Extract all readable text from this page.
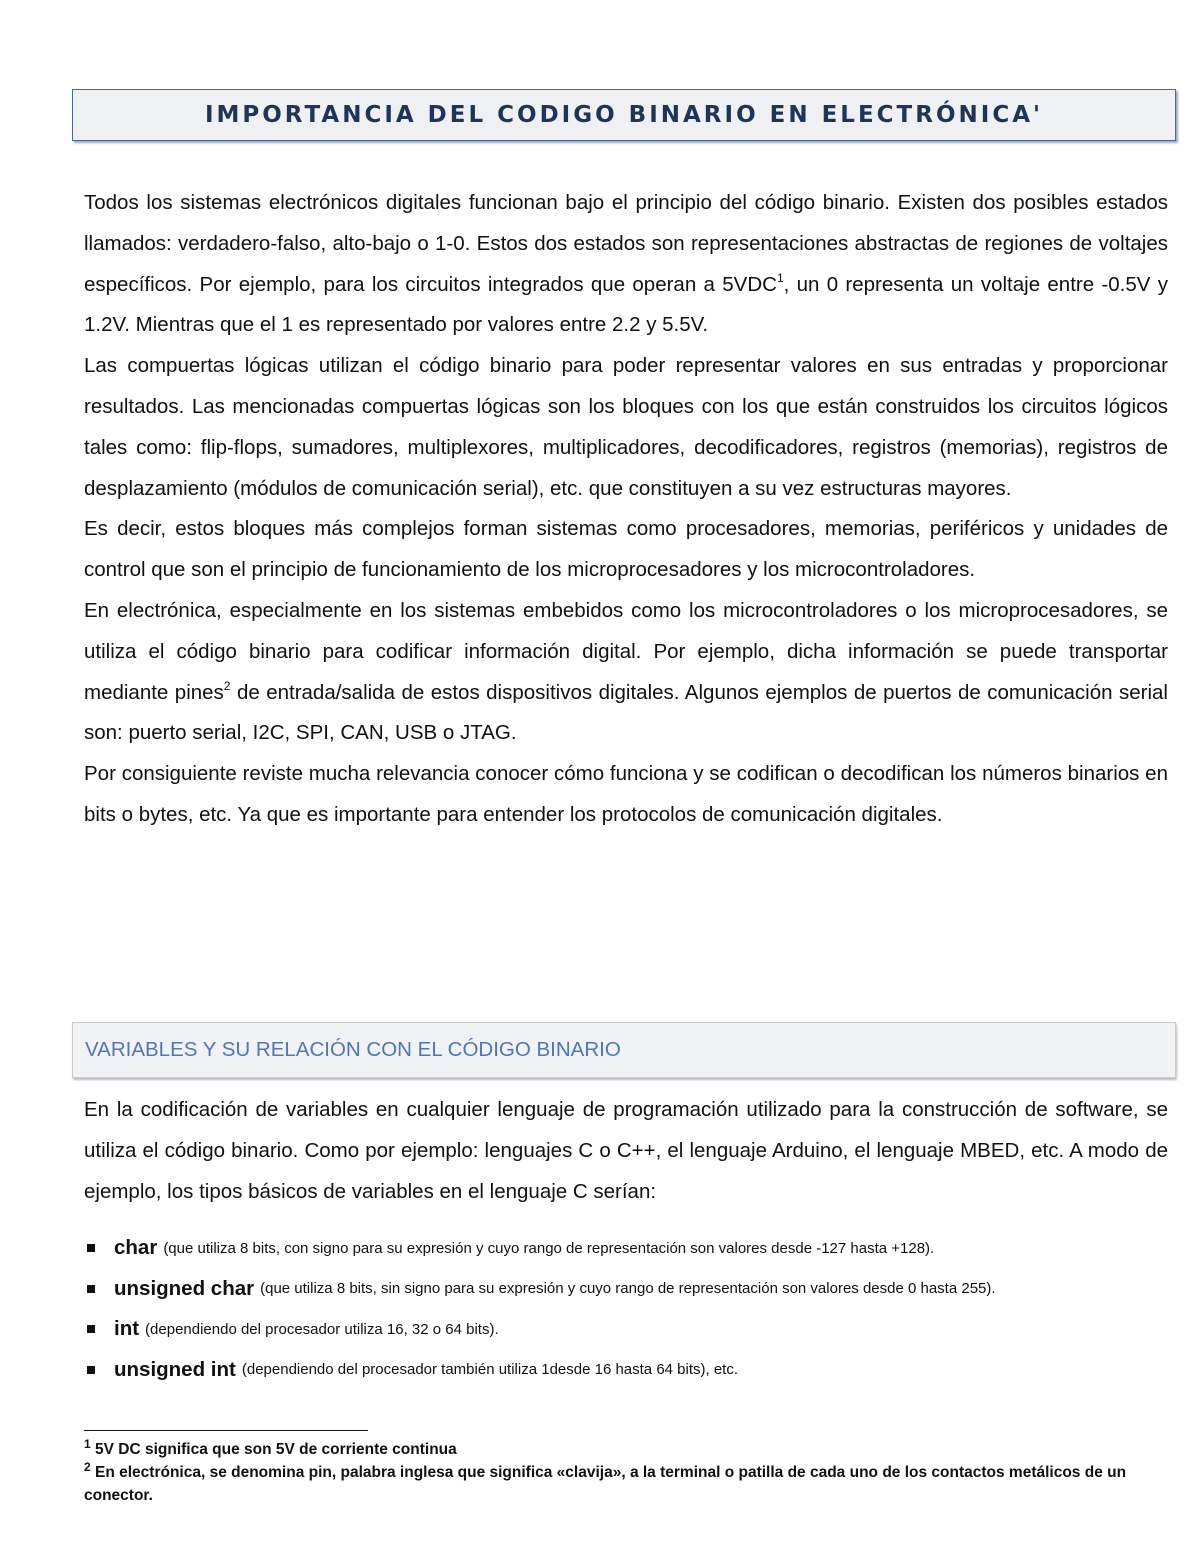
IMPORTANCIA DEL CODIGO BINARIO EN ELECTRÓNICA'

Todos los sistemas electrónicos digitales funcionan bajo el principio del código binario. Existen dos posibles estados llamados: verdadero-falso, alto-bajo o 1-0. Estos dos estados son representaciones abstractas de regiones de voltajes específicos. Por ejemplo, para los circuitos integrados que operan a 5VDC$^1$, un 0 representa un voltaje entre -0.5V y 1.2V. Mientras que el 1 es representado por valores entre 2.2 y 5.5V.

Las compuertas lógicas utilizan el código binario para poder representar valores en sus entradas y proporcionar resultados. Las mencionadas compuertas lógicas son los bloques con los que están construidos los circuitos lógicos tales como: flip-flops, sumadores, multiplexores, multiplicadores, decodificadores, registros (memorias), registros de desplazamiento (módulos de comunicación serial), etc. que constituyen a su vez estructuras mayores.

Es decir, estos bloques más complejos forman sistemas como procesadores, memorias, periféricos y unidades de control que son el principio de funcionamiento de los microprocesadores y los microcontroladores.

En electrónica, especialmente en los sistemas embebidos como los microcontroladores o los microprocesadores, se utiliza el código binario para codificar información digital. Por ejemplo, dicha información se puede transportar mediante pines$^2$ de entrada/salida de estos dispositivos digitales. Algunos ejemplos de puertos de comunicación serial son: puerto serial, I2C, SPI, CAN, USB o JTAG.

Por consiguiente reviste mucha relevancia conocer cómo funciona y se codifican o decodifican los números binarios en bits o bytes, etc. Ya que es importante para entender los protocolos de comunicación digitales.

VARIABLES Y SU RELACIÓN CON EL CÓDIGO BINARIO

En la codificación de variables en cualquier lenguaje de programación utilizado para la construcción de software, se utiliza el código binario. Como por ejemplo: lenguajes C o C++, el lenguaje Arduino, el lenguaje MBED, etc. A modo de ejemplo, los tipos básicos de variables en el lenguaje C serían:

char (que utiliza 8 bits, con signo para su expresión y cuyo rango de representación son valores desde -127 hasta +128).
unsigned char (que utiliza 8 bits, sin signo para su expresión y cuyo rango de representación son valores desde 0 hasta 255).
int (dependiendo del procesador utiliza 16, 32 o 64 bits).
unsigned int (dependiendo del procesador también utiliza 1desde 16 hasta 64 bits), etc.

$^1$ 5V DC significa que son 5V de corriente continua

$^2$ En electrónica, se denomina pin, palabra inglesa que significa «clavija», a la terminal o patilla de cada uno de los contactos metálicos de un conector.
